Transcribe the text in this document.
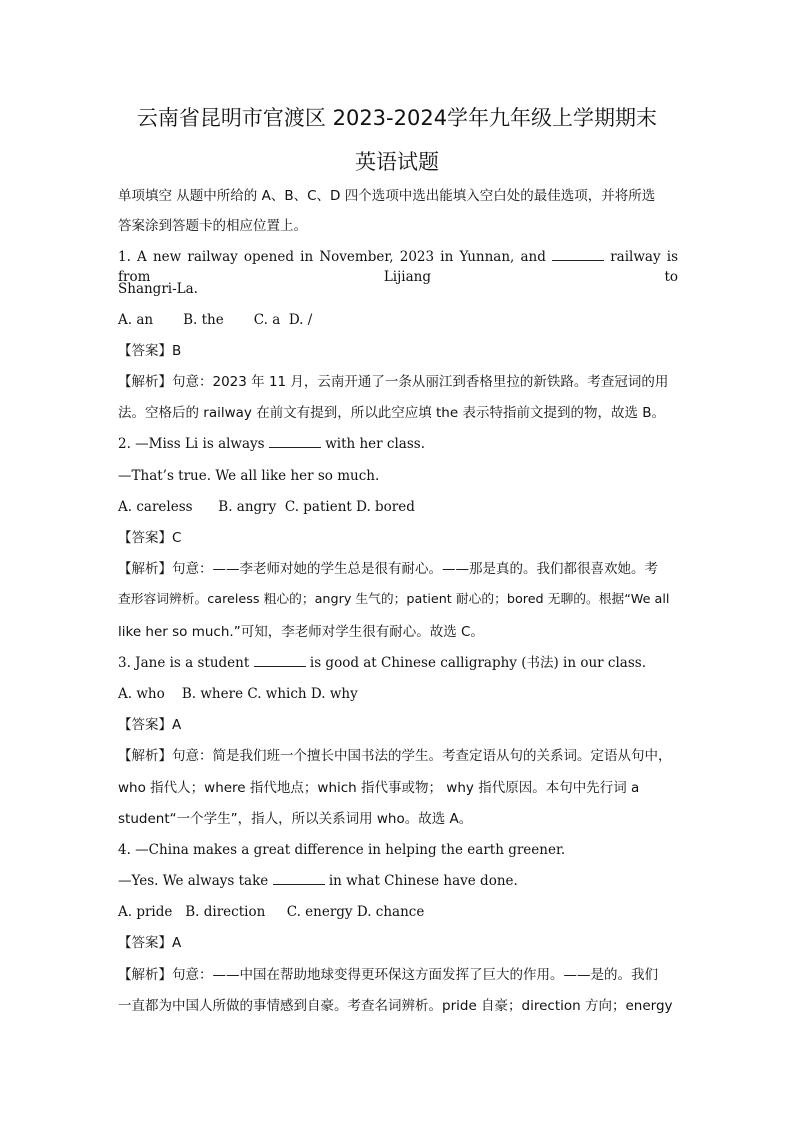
云南省昆明市官渡区 2023-2024学年九年级上学期期末
英语试题
单项填空 从题中所给的 A、B、C、D 四个选项中选出能填入空白处的最佳选项，并将所选
答案涂到答题卡的相应位置上。
1. A new railway opened in November, 2023 in Yunnan, and	railway is from Lijiang to
Shangri-La.
A. an       B. the       C. a  D. /
【答案】B
【解析】句意：2023 年 11 月，云南开通了一条从丽江到香格里拉的新铁路。考查冠词的用
法。空格后的 railway 在前文有提到，所以此空应填 the 表示特指前文提到的物，故选 B。
2. —Miss Li is always	with her class.
—That’s true. We all like her so much.
A. careless      B. angry  C. patient D. bored
【答案】C
【解析】句意：——李老师对她的学生总是很有耐心。——那是真的。我们都很喜欢她。考
查形容词辨析。careless 粗心的；angry 生气的；patient 耐心的；bored 无聊的。根据“We all
like her so much.”可知，李老师对学生很有耐心。故选 C。
3. Jane is a student	is good at Chinese calligraphy (书法) in our class.
A. who    B. where C. which D. why
【答案】A
【解析】句意：简是我们班一个擅长中国书法的学生。考查定语从句的关系词。定语从句中，
who 指代人；where 指代地点；which 指代事或物； why 指代原因。本句中先行词 a
student“一个学生”，指人，所以关系词用 who。故选 A。
4. —China makes a great difference in helping the earth greener.
—Yes. We always take	in what Chinese have done.
A. pride   B. direction     C. energy D. chance
【答案】A
【解析】句意：——中国在帮助地球变得更环保这方面发挥了巨大的作用。——是的。我们
一直都为中国人所做的事情感到自豪。考查名词辨析。pride 自豪；direction 方向；energy
